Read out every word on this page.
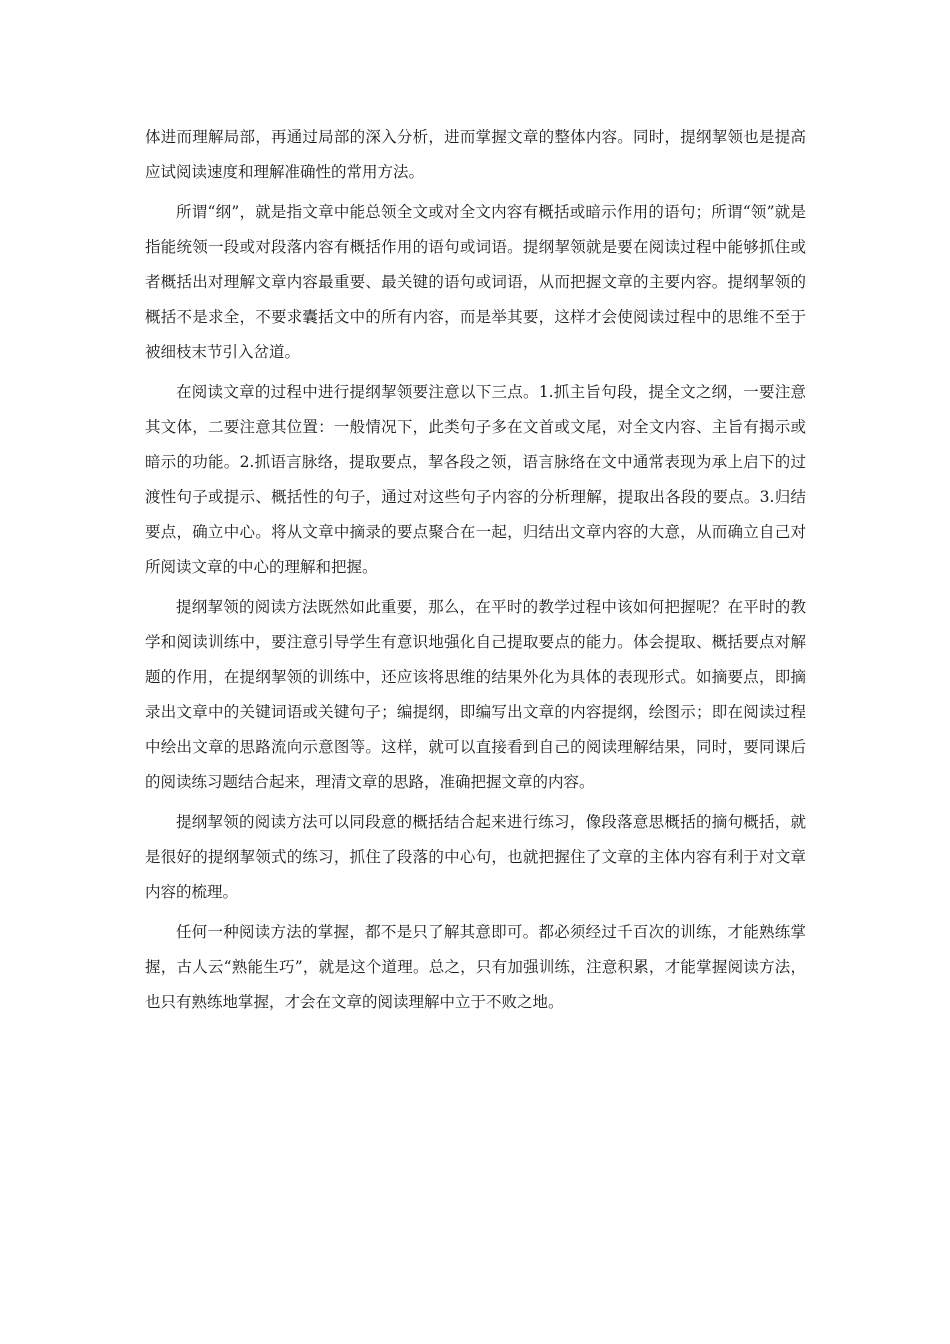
体进而理解局部，再通过局部的深入分析，进而掌握文章的整体内容。同时，提纲挈领也是提高应试阅读速度和理解准确性的常用方法。

所谓“纲”，就是指文章中能总领全文或对全文内容有概括或暗示作用的语句；所谓“领”就是指能统领一段或对段落内容有概括作用的语句或词语。提纲挈领就是要在阅读过程中能够抓住或者概括出对理解文章内容最重要、最关键的语句或词语，从而把握文章的主要内容。提纲挈领的概括不是求全，不要求囊括文中的所有内容，而是举其要，这样才会使阅读过程中的思维不至于被细枝末节引入岔道。

在阅读文章的过程中进行提纲挈领要注意以下三点。1.抓主旨句段，提全文之纲，一要注意其文体，二要注意其位置：一般情况下，此类句子多在文首或文尾，对全文内容、主旨有揭示或暗示的功能。2.抓语言脉络，提取要点，挈各段之领，语言脉络在文中通常表现为承上启下的过渡性句子或提示、概括性的句子，通过对这些句子内容的分析理解，提取出各段的要点。3.归结要点，确立中心。将从文章中摘录的要点聚合在一起，归结出文章内容的大意，从而确立自己对所阅读文章的中心的理解和把握。

提纲挈领的阅读方法既然如此重要，那么，在平时的教学过程中该如何把握呢？在平时的教学和阅读训练中，要注意引导学生有意识地强化自己提取要点的能力。体会提取、概括要点对解题的作用，在提纲挈领的训练中，还应该将思维的结果外化为具体的表现形式。如摘要点，即摘录出文章中的关键词语或关键句子；编提纲，即编写出文章的内容提纲，绘图示；即在阅读过程中绘出文章的思路流向示意图等。这样，就可以直接看到自己的阅读理解结果，同时，要同课后的阅读练习题结合起来，理清文章的思路，准确把握文章的内容。

提纲挈领的阅读方法可以同段意的概括结合起来进行练习，像段落意思概括的摘句概括，就是很好的提纲挈领式的练习，抓住了段落的中心句，也就把握住了文章的主体内容有利于对文章内容的梳理。

任何一种阅读方法的掌握，都不是只了解其意即可。都必须经过千百次的训练，才能熟练掌握，古人云“熟能生巧”，就是这个道理。总之，只有加强训练，注意积累，才能掌握阅读方法，也只有熟练地掌握，才会在文章的阅读理解中立于不败之地。
